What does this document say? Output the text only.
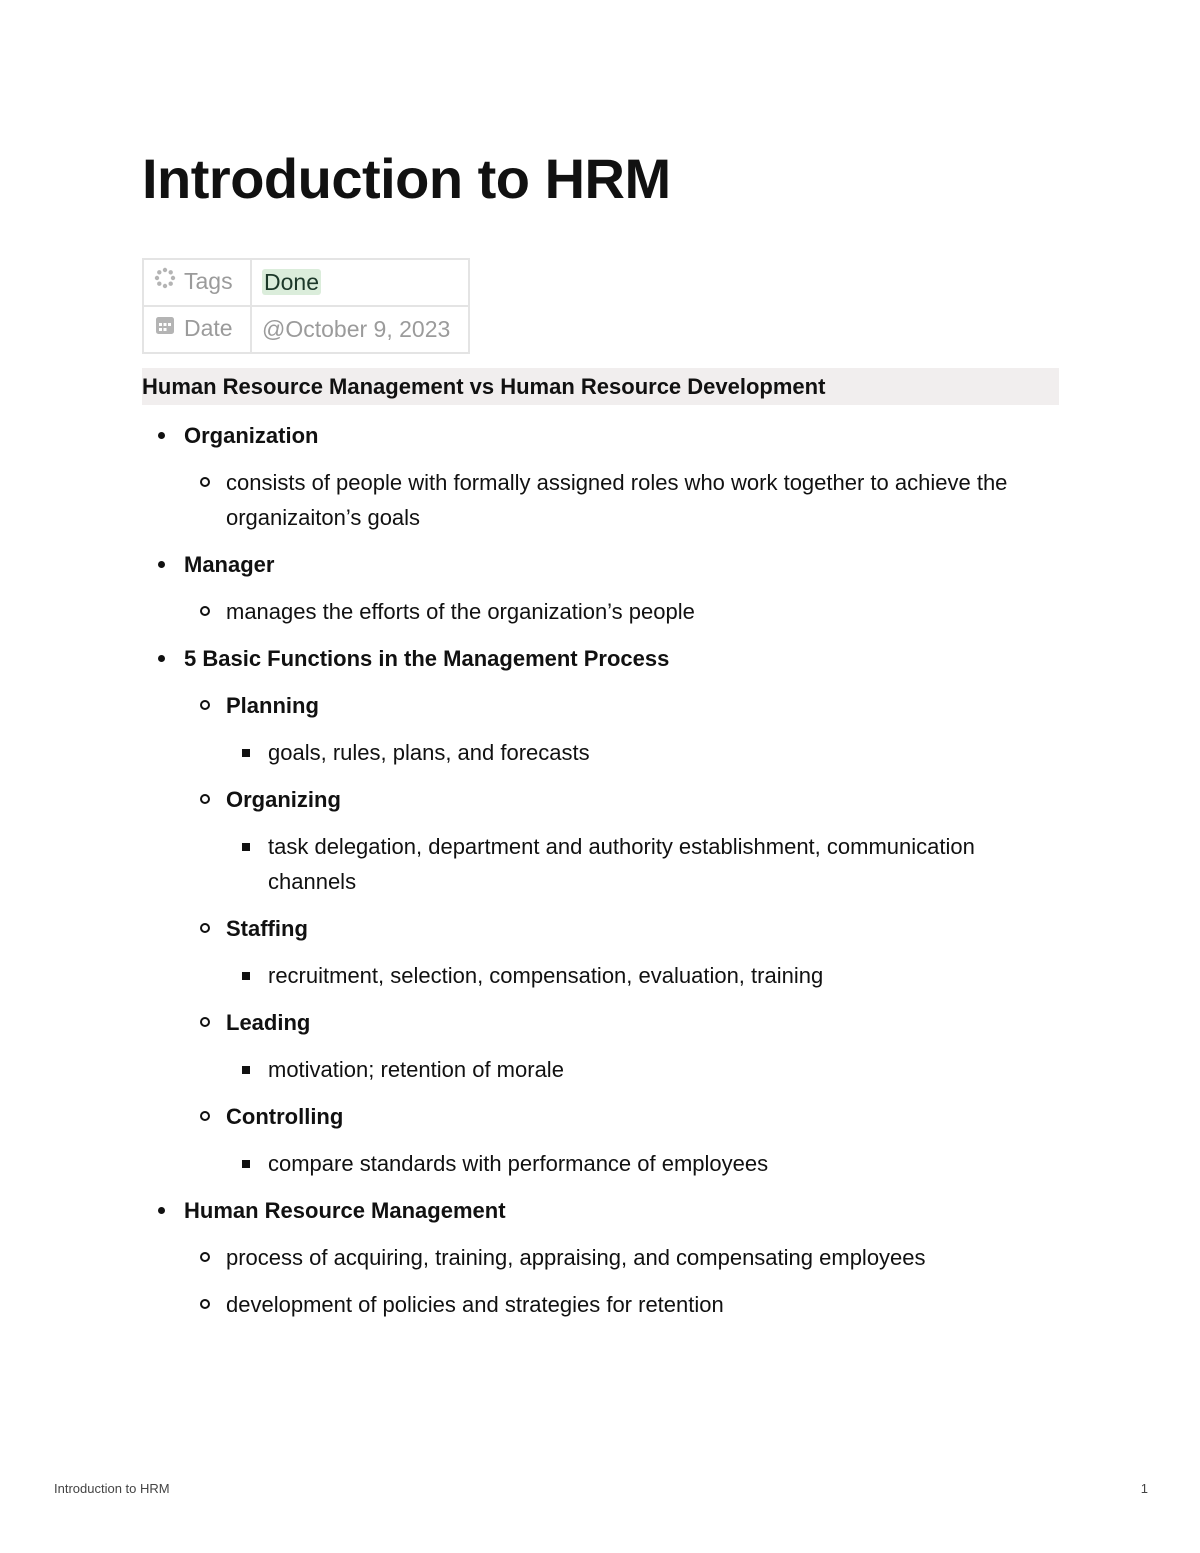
Introduction to HRM
Tags	Done
Date	@October 9, 2023
Human Resource Management vs Human Resource Development
Organization
consists of people with formally assigned roles who work together to achieve the organizaiton’s goals
Manager
manages the efforts of the organization’s people
5 Basic Functions in the Management Process
Planning
goals, rules, plans, and forecasts
Organizing
task delegation, department and authority establishment, communication channels
Staffing
recruitment, selection, compensation, evaluation, training
Leading
motivation; retention of morale
Controlling
compare standards with performance of employees
Human Resource Management
process of acquiring, training, appraising, and compensating employees
development of policies and strategies for retention
Introduction to HRM	1
